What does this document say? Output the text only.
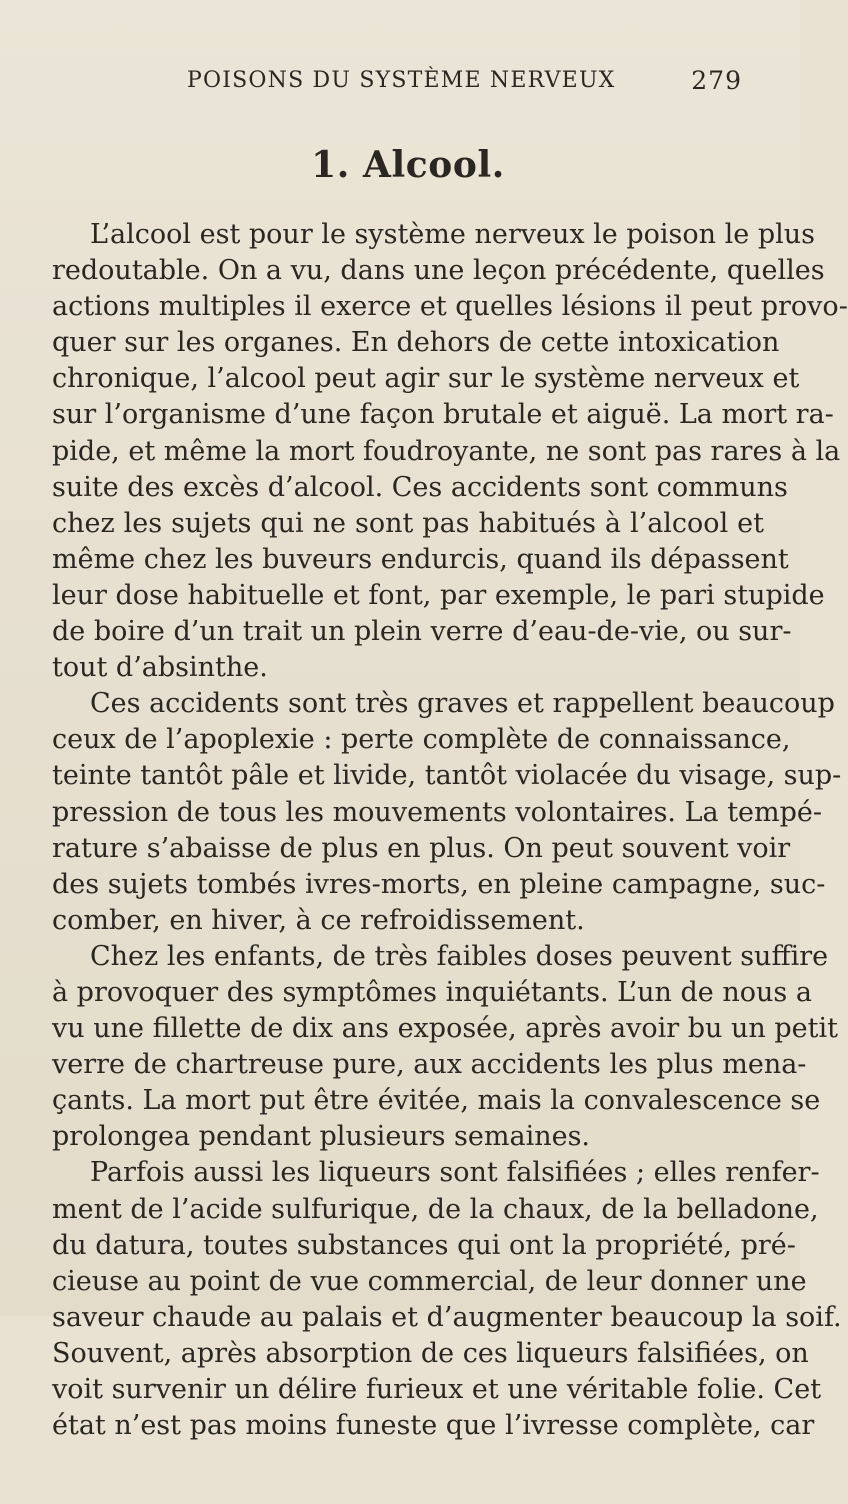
POISONS DU SYSTÈME NERVEUX	279
1. Alcool.
L’alcool est pour le système nerveux le poison le plus
redoutable. On a vu, dans une leçon précédente, quelles
actions multiples il exerce et quelles lésions il peut provo-
quer sur les organes. En dehors de cette intoxication
chronique, l’alcool peut agir sur le système nerveux et
sur l’organisme d’une façon brutale et aiguë. La mort ra-
pide, et même la mort foudroyante, ne sont pas rares à la
suite des excès d’alcool. Ces accidents sont communs
chez les sujets qui ne sont pas habitués à l’alcool et
même chez les buveurs endurcis, quand ils dépassent
leur dose habituelle et font, par exemple, le pari stupide
de boire d’un trait un plein verre d’eau-de-vie, ou sur-
tout d’absinthe.
Ces accidents sont très graves et rappellent beaucoup
ceux de l’apoplexie : perte complète de connaissance,
teinte tantôt pâle et livide, tantôt violacée du visage, sup-
pression de tous les mouvements volontaires. La tempé-
rature s’abaisse de plus en plus. On peut souvent voir
des sujets tombés ivres-morts, en pleine campagne, suc-
comber, en hiver, à ce refroidissement.
Chez les enfants, de très faibles doses peuvent suffire
à provoquer des symptômes inquiétants. L’un de nous a
vu une fillette de dix ans exposée, après avoir bu un petit
verre de chartreuse pure, aux accidents les plus mena-
çants. La mort put être évitée, mais la convalescence se
prolongea pendant plusieurs semaines.
Parfois aussi les liqueurs sont falsifiées ; elles renfer-
ment de l’acide sulfurique, de la chaux, de la belladone,
du datura, toutes substances qui ont la propriété, pré-
cieuse au point de vue commercial, de leur donner une
saveur chaude au palais et d’augmenter beaucoup la soif.
Souvent, après absorption de ces liqueurs falsifiées, on
voit survenir un délire furieux et une véritable folie. Cet
état n’est pas moins funeste que l’ivresse complète, car
